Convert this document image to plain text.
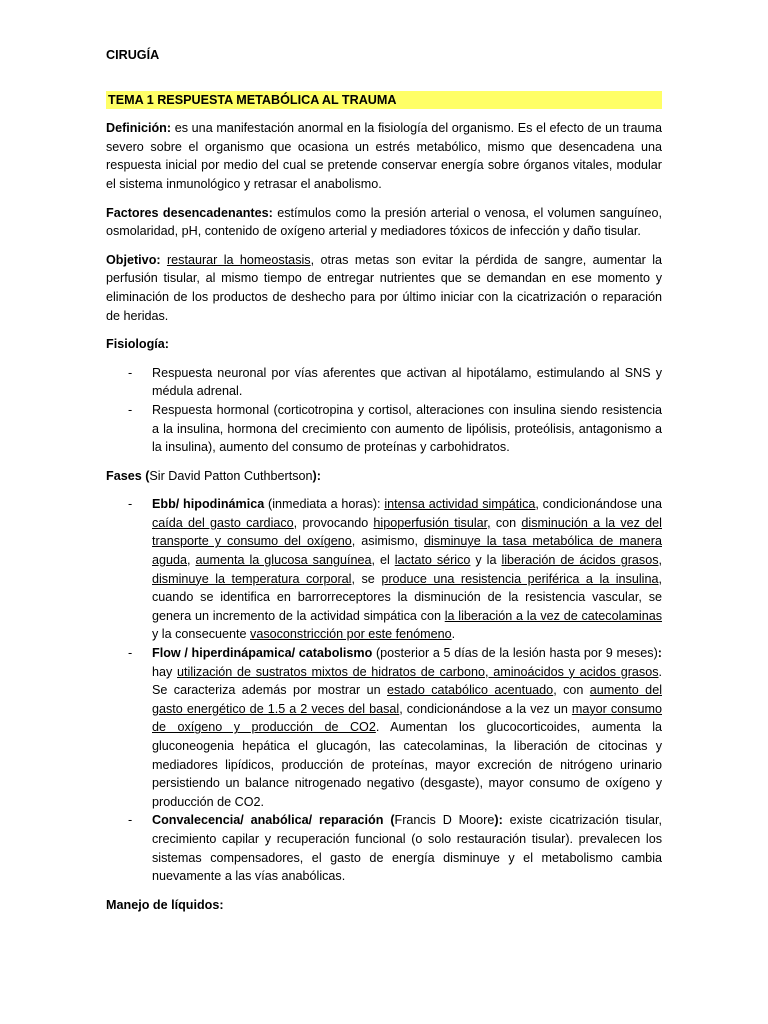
CIRUGÍA
TEMA 1 RESPUESTA METABÓLICA AL TRAUMA

Definición: es una manifestación anormal en la fisiología del organismo. Es el efecto de un trauma severo sobre el organismo que ocasiona un estrés metabólico, mismo que desencadena una respuesta inicial por medio del cual se pretende conservar energía sobre órganos vitales, modular el sistema inmunológico y retrasar el anabolismo.

Factores desencadenantes: estímulos como la presión arterial o venosa, el volumen sanguíneo, osmolaridad, pH, contenido de oxígeno arterial y mediadores tóxicos de infección y daño tisular.

Objetivo: restaurar la homeostasis, otras metas son evitar la pérdida de sangre, aumentar la perfusión tisular, al mismo tiempo de entregar nutrientes que se demandan en ese momento y eliminación de los productos de deshecho para por último iniciar con la cicatrización o reparación de heridas.

Fisiología:
- Respuesta neuronal por vías aferentes que activan al hipotálamo, estimulando al SNS y médula adrenal.
- Respuesta hormonal (corticotropina y cortisol, alteraciones con insulina siendo resistencia a la insulina, hormona del crecimiento con aumento de lipólisis, proteólisis, antagonismo a la insulina), aumento del consumo de proteínas y carbohidratos.

Fases (Sir David Patton Cuthbertson):

- Ebb/ hipodinámica (inmediata a horas): intensa actividad simpática, condicionándose una caída del gasto cardiaco, provocando hipoperfusión tisular, con disminución a la vez del transporte y consumo del oxígeno, asimismo, disminuye la tasa metabólica de manera aguda, aumenta la glucosa sanguínea, el lactato sérico y la liberación de ácidos grasos, disminuye la temperatura corporal, se produce una resistencia periférica a la insulina, cuando se identifica en barrorreceptores la disminución de la resistencia vascular, se genera un incremento de la actividad simpática con la liberación a la vez de catecolaminas y la consecuente vasoconstricción por este fenómeno.
- Flow / hiperdinápamica/ catabolismo (posterior a 5 días de la lesión hasta por 9 meses): hay utilización de sustratos mixtos de hidratos de carbono, aminoácidos y acidos grasos. Se caracteriza además por mostrar un estado catabólico acentuado, con aumento del gasto energético de 1.5 a 2 veces del basal, condicionándose a la vez un mayor consumo de oxígeno y producción de CO2. Aumentan los glucocorticoides, aumenta la gluconeogenia hepática el glucagón, las catecolaminas, la liberación de citocinas y mediadores lipídicos, producción de proteínas, mayor excreción de nitrógeno urinario persistiendo un balance nitrogenado negativo (desgaste), mayor consumo de oxígeno y producción de CO2.
- Convalecencia/ anabólica/ reparación (Francis D Moore): existe cicatrización tisular, crecimiento capilar y recuperación funcional (o solo restauración tisular). prevalecen los sistemas compensadores, el gasto de energía disminuye y el metabolismo cambia nuevamente a las vías anabólicas.
Manejo de líquidos:
